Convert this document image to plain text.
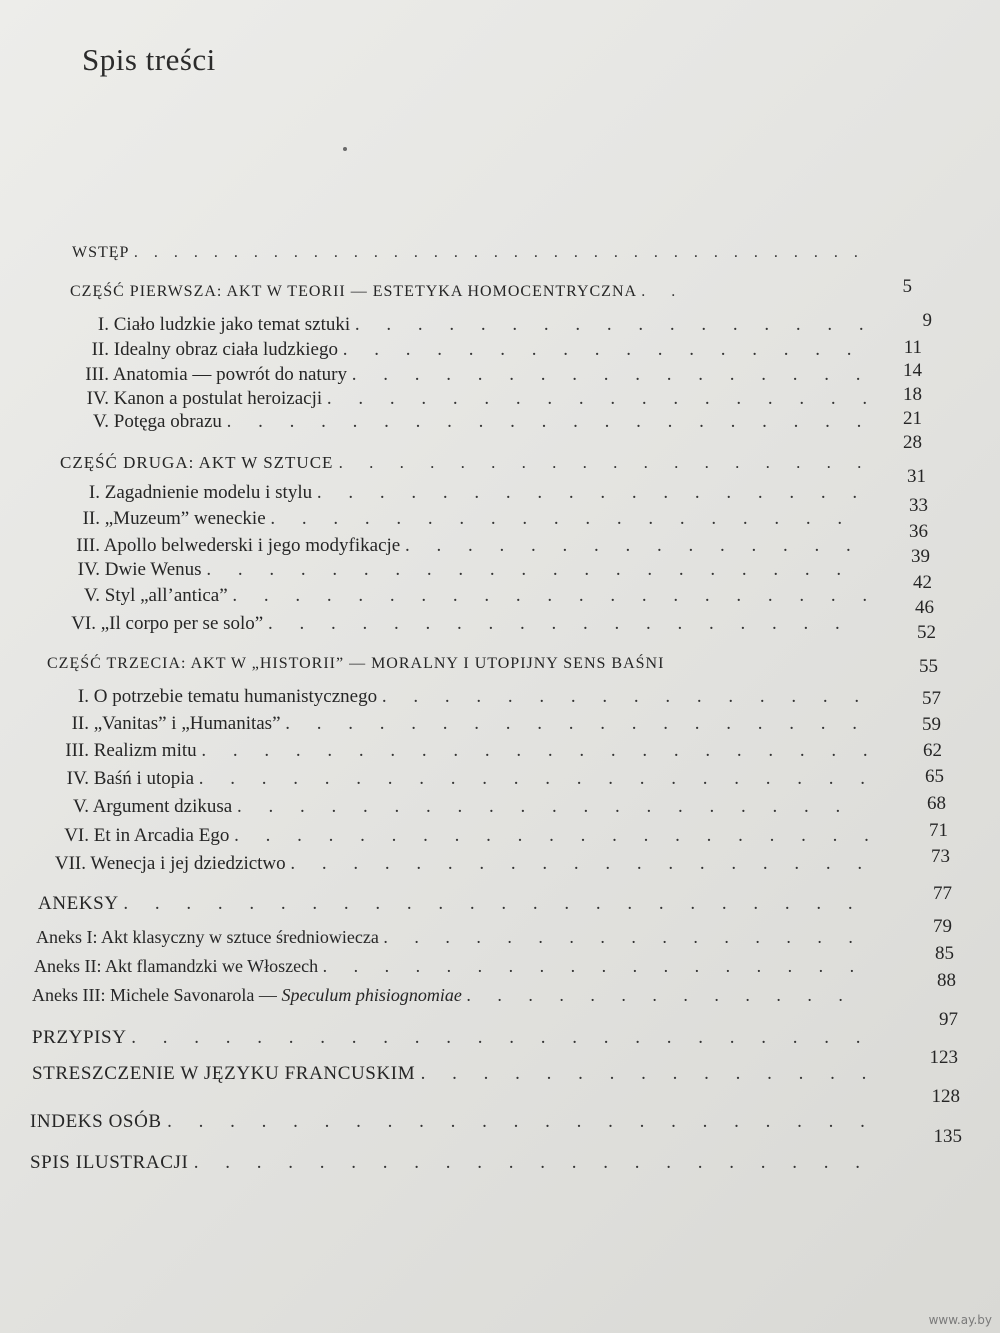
Spis treści
WSTĘP . . . . . . . . . . . . . . . . . . . . . . . . . . . . . . . . . . . . .
CZĘŚĆ PIERWSZA: AKT W TEORII — ESTETYKA HOMOCENTRYCZNA . .
I. Ciało ludzkie jako temat sztuki . . . . . . . . . . . . . . . . .
II. Idealny obraz ciała ludzkiego . . . . . . . . . . . . . . . . .
III. Anatomia — powrót do natury . . . . . . . . . . . . . . . . .
IV. Kanon a postulat heroizacji . . . . . . . . . . . . . . . . . .
V. Potęga obrazu . . . . . . . . . . . . . . . . . . . . .
CZĘŚĆ DRUGA: AKT W SZTUCE . . . . . . . . . . . . . . . . . .
I. Zagadnienie modelu i stylu . . . . . . . . . . . . . . . . . .
II. „Muzeum” weneckie . . . . . . . . . . . . . . . . . . .
III. Apollo belwederski i jego modyfikacje . . . . . . . . . . . . . . .
IV. Dwie Wenus . . . . . . . . . . . . . . . . . . . . .
V. Styl „all’antica” . . . . . . . . . . . . . . . . . . . . .
VI. „Il corpo per se solo” . . . . . . . . . . . . . . . . . . .
CZĘŚĆ TRZECIA: AKT W „HISTORII” — MORALNY I UTOPIJNY SENS BAŚNI
I. O potrzebie tematu humanistycznego . . . . . . . . . . . . . . . .
II. „Vanitas” i „Humanitas” . . . . . . . . . . . . . . . . . . .
III. Realizm mitu . . . . . . . . . . . . . . . . . . . . . .
IV. Baśń i utopia . . . . . . . . . . . . . . . . . . . . . .
V. Argument dzikusa . . . . . . . . . . . . . . . . . . . .
VI. Et in Arcadia Ego . . . . . . . . . . . . . . . . . . . . .
VII. Wenecja i jej dziedzictwo . . . . . . . . . . . . . . . . . . .
ANEKSY . . . . . . . . . . . . . . . . . . . . . . . .
Aneks I: Akt klasyczny w sztuce średniowiecza . . . . . . . . . . . . . . . .
Aneks II: Akt flamandzki we Włoszech . . . . . . . . . . . . . . . . . .
Aneks III: Michele Savonarola — Speculum phisiognomiae . . . . . . . . . . . . .
PRZYPISY . . . . . . . . . . . . . . . . . . . . . . . .
STRESZCZENIE W JĘZYKU FRANCUSKIM . . . . . . . . . . . . . . .
INDEKS OSÓB . . . . . . . . . . . . . . . . . . . . . . .
SPIS ILUSTRACJI . . . . . . . . . . . . . . . . . . . . . .
5
9
11
14
18
21
28
31
33
36
39
42
46
52
55
57
59
62
65
68
71
73
77
79
85
88
97
123
128
135
www.ay.by
